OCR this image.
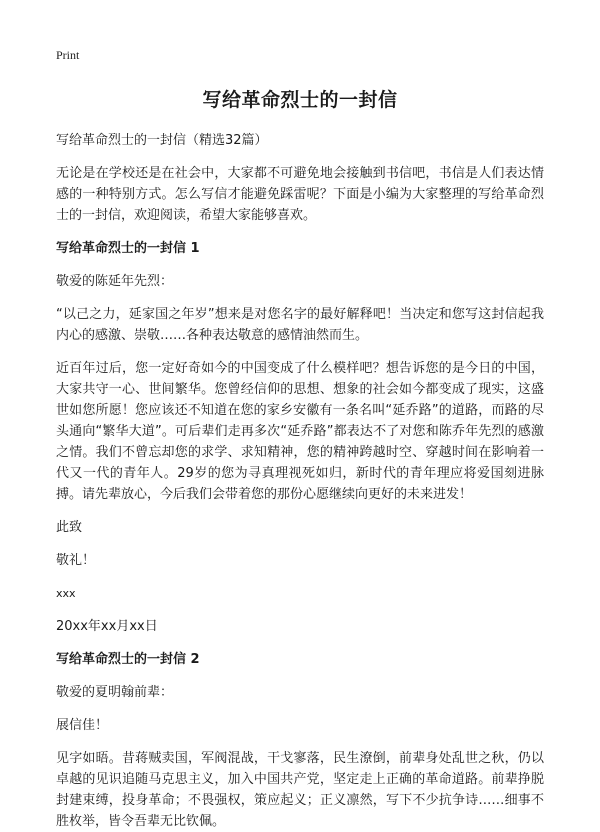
Print
写给革命烈士的一封信

写给革命烈士的一封信（精选32篇）

无论是在学校还是在社会中，大家都不可避免地会接触到书信吧，书信是人们表达情感的一种特别方式。怎么写信才能避免踩雷呢？下面是小编为大家整理的写给革命烈士的一封信，欢迎阅读，希望大家能够喜欢。

写给革命烈士的一封信 1

敬爱的陈延年先烈：

“以己之力，延家国之年岁”想来是对您名字的最好解释吧！当决定和您写这封信起我内心的感激、崇敬……各种表达敬意的感情油然而生。

近百年过后，您一定好奇如今的中国变成了什么模样吧？想告诉您的是今日的中国，大家共守一心、世间繁华。您曾经信仰的思想、想象的社会如今都变成了现实，这盛世如您所愿！您应该还不知道在您的家乡安徽有一条名叫“延乔路”的道路，而路的尽头通向“繁华大道”。可后辈们走再多次“延乔路”都表达不了对您和陈乔年先烈的感激之情。我们不曾忘却您的求学、求知精神，您的精神跨越时空、穿越时间在影响着一代又一代的青年人。29岁的您为寻真理视死如归，新时代的青年理应将爱国刻进脉搏。请先辈放心，今后我们会带着您的那份心愿继续向更好的未来进发！

此致

敬礼！

xxx

20xx年xx月xx日

写给革命烈士的一封信 2

敬爱的夏明翰前辈：

展信佳！

见字如晤。昔蒋贼卖国，军阀混战，干戈寥落，民生潦倒，前辈身处乱世之秋，仍以卓越的见识追随马克思主义，加入中国共产党，坚定走上正确的革命道路。前辈挣脱封建束缚，投身革命；不畏强权，策应起义；正义凛然，写下不少抗争诗……细事不胜枚举，皆令吾辈无比钦佩。
